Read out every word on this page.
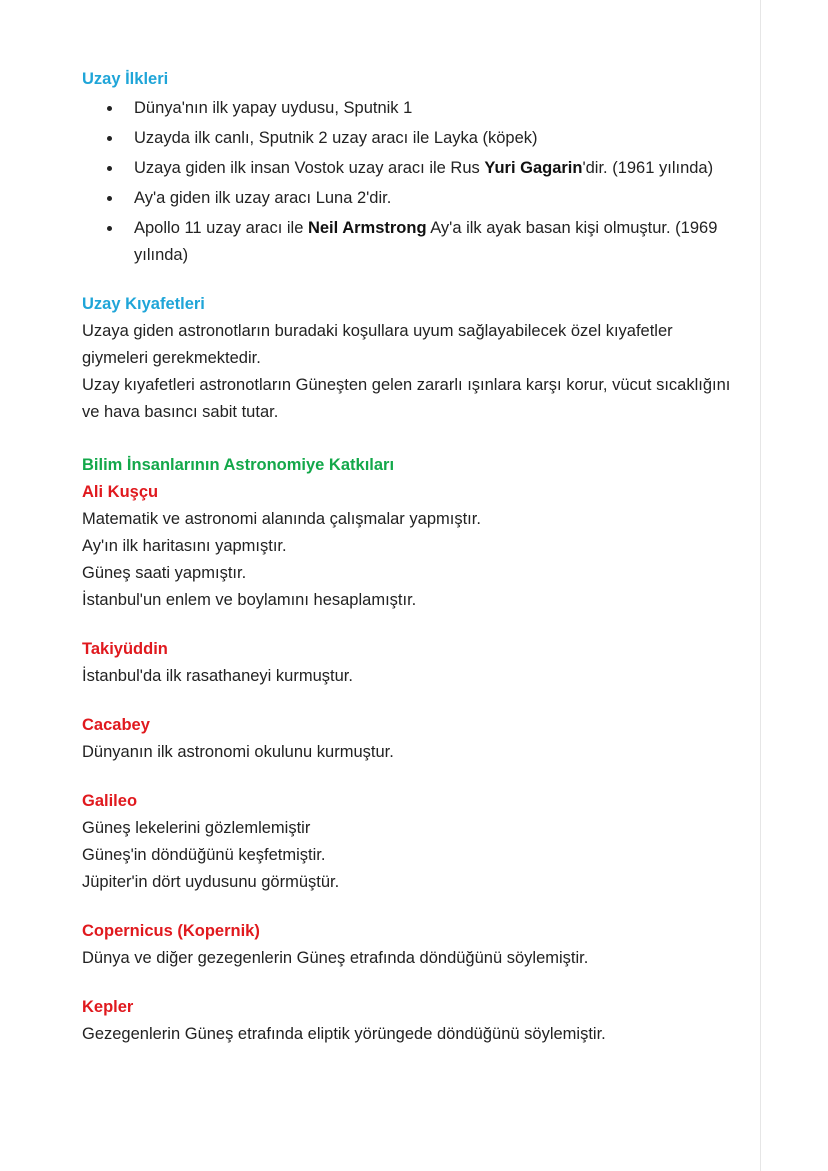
Uzay İlkleri
Dünya'nın ilk yapay uydusu, Sputnik 1
Uzayda ilk canlı, Sputnik 2 uzay aracı ile Layka (köpek)
Uzaya giden ilk insan Vostok uzay aracı ile Rus Yuri Gagarin'dir. (1961 yılında)
Ay'a giden ilk uzay aracı Luna 2'dir.
Apollo 11 uzay aracı ile Neil Armstrong Ay'a ilk ayak basan kişi olmuştur. (1969 yılında)
Uzay Kıyafetleri

Uzaya giden astronotların buradaki koşullara uyum sağlayabilecek özel kıyafetler giymeleri gerekmektedir.

Uzay kıyafetleri astronotların Güneşten gelen zararlı ışınlara karşı korur, vücut sıcaklığını ve hava basıncı sabit tutar.

Bilim İnsanlarının Astronomiye Katkıları
Ali Kuşçu

Matematik ve astronomi alanında çalışmalar yapmıştır.

Ay'ın ilk haritasını yapmıştır.

Güneş saati yapmıştır.

İstanbul'un enlem ve boylamını hesaplamıştır.

Takiyüddin

İstanbul'da ilk rasathaneyi kurmuştur.

Cacabey

Dünyanın ilk astronomi okulunu kurmuştur.

Galileo

Güneş lekelerini gözlemlemiştir

Güneş'in döndüğünü keşfetmiştir.

Jüpiter'in dört uydusunu görmüştür.

Copernicus (Kopernik)

Dünya ve diğer gezegenlerin Güneş etrafında döndüğünü söylemiştir.

Kepler

Gezegenlerin Güneş etrafında eliptik yörüngede döndüğünü söylemiştir.
